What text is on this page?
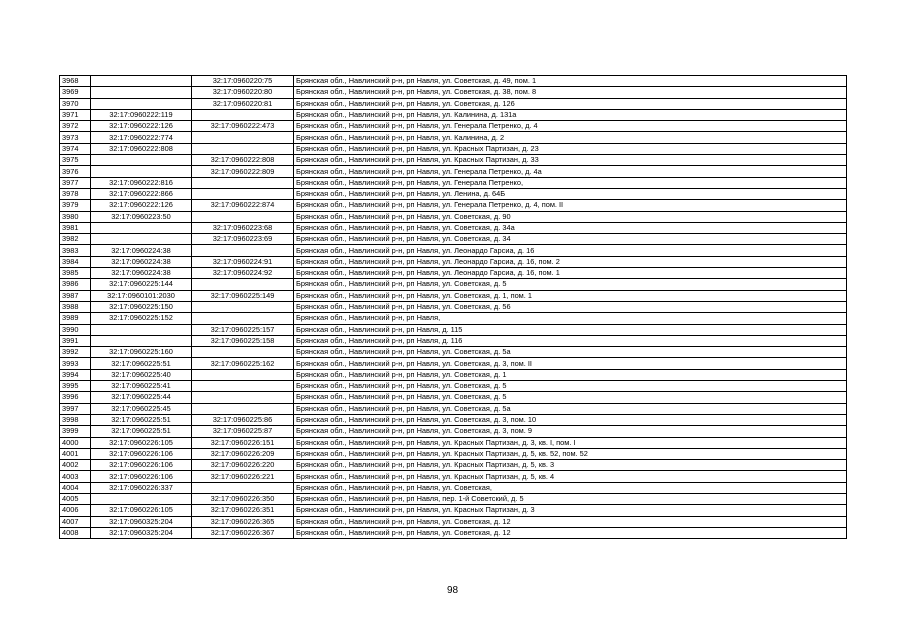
3968		32:17:0960220:75	Брянская обл., Навлинский р-н, рп Навля, ул. Советская, д. 49, пом. 1
3969		32:17:0960220:80	Брянская обл., Навлинский р-н, рп Навля, ул. Советская, д. 38, пом. 8
3970		32:17:0960220:81	Брянская обл., Навлинский р-н, рп Навля, ул. Советская, д. 126
3971	32:17:0960222:119		Брянская обл., Навлинский р-н, рп Навля, ул. Калинина, д. 131а
3972	32:17:0960222:126	32:17:0960222:473	Брянская обл., Навлинский р-н, рп Навля, ул. Генерала Петренко, д. 4
3973	32:17:0960222:774		Брянская обл., Навлинский р-н, рп Навля, ул. Калинина, д. 2
3974	32:17:0960222:808		Брянская обл., Навлинский р-н, рп Навля, ул. Красных Партизан, д. 23
3975		32:17:0960222:808	Брянская обл., Навлинский р-н, рп Навля, ул. Красных Партизан, д. 33
3976		32:17:0960222:809	Брянская обл., Навлинский р-н, рп Навля, ул. Генерала Петренко, д. 4а
3977	32:17:0960222:816		Брянская обл., Навлинский р-н, рп Навля, ул. Генерала Петренко,
3978	32:17:0960222:866		Брянская обл., Навлинский р-н, рп Навля, ул. Ленина, д. 64Б
3979	32:17:0960222:126	32:17:0960222:874	Брянская обл., Навлинский р-н, рп Навля, ул. Генерала Петренко, д. 4, пом. II
3980	32:17:0960223:50		Брянская обл., Навлинский р-н, рп Навля, ул. Советская, д. 90
3981		32:17:0960223:68	Брянская обл., Навлинский р-н, рп Навля, ул. Советская, д. 34а
3982		32:17:0960223:69	Брянская обл., Навлинский р-н, рп Навля, ул. Советская, д. 34
3983	32:17:0960224:38		Брянская обл., Навлинский р-н, рп Навля, ул. Леонардо Гарсиа, д. 16
3984	32:17:0960224:38	32:17:0960224:91	Брянская обл., Навлинский р-н, рп Навля, ул. Леонардо Гарсиа, д. 16, пом. 2
3985	32:17:0960224:38	32:17:0960224:92	Брянская обл., Навлинский р-н, рп Навля, ул. Леонардо Гарсиа, д. 16, пом. 1
3986	32:17:0960225:144		Брянская обл., Навлинский р-н, рп Навля, ул. Советская, д. 5
3987	32:17:0960101:2030	32:17:0960225:149	Брянская обл., Навлинский р-н, рп Навля, ул. Советская, д. 1, пом. 1
3988	32:17:0960225:150		Брянская обл., Навлинский р-н, рп Навля, ул. Советская, д. 56
3989	32:17:0960225:152		Брянская обл., Навлинский р-н, рп Навля,
3990		32:17:0960225:157	Брянская обл., Навлинский р-н, рп Навля, д. 115
3991		32:17:0960225:158	Брянская обл., Навлинский р-н, рп Навля, д. 116
3992	32:17:0960225:160		Брянская обл., Навлинский р-н, рп Навля, ул. Советская, д. 5а
3993	32:17:0960225:51	32:17:0960225:162	Брянская обл., Навлинский р-н, рп Навля, ул. Советская, д. 3, пом. II
3994	32:17:0960225:40		Брянская обл., Навлинский р-н, рп Навля, ул. Советская, д. 1
3995	32:17:0960225:41		Брянская обл., Навлинский р-н, рп Навля, ул. Советская, д. 5
3996	32:17:0960225:44		Брянская обл., Навлинский р-н, рп Навля, ул. Советская, д. 5
3997	32:17:0960225:45		Брянская обл., Навлинский р-н, рп Навля, ул. Советская, д. 5а
3998	32:17:0960225:51	32:17:0960225:86	Брянская обл., Навлинский р-н, рп Навля, ул. Советская, д. 3, пом. 10
3999	32:17:0960225:51	32:17:0960225:87	Брянская обл., Навлинский р-н, рп Навля, ул. Советская, д. 3, пом. 9
4000	32:17:0960226:105	32:17:0960226:151	Брянская обл., Навлинский р-н, рп Навля, ул. Красных Партизан, д. 3, кв. I, пом. I
4001	32:17:0960226:106	32:17:0960226:209	Брянская обл., Навлинский р-н, рп Навля, ул. Красных Партизан, д. 5, кв. 52, пом. 52
4002	32:17:0960226:106	32:17:0960226:220	Брянская обл., Навлинский р-н, рп Навля, ул. Красных Партизан, д. 5, кв. 3
4003	32:17:0960226:106	32:17:0960226:221	Брянская обл., Навлинский р-н, рп Навля, ул. Красных Партизан, д. 5, кв. 4
4004	32:17:0960226:337		Брянская обл., Навлинский р-н, рп Навля, ул. Советская,
4005		32:17:0960226:350	Брянская обл., Навлинский р-н, рп Навля, пер. 1-й Советский, д. 5
4006	32:17:0960226:105	32:17:0960226:351	Брянская обл., Навлинский р-н, рп Навля, ул. Красных Партизан, д. 3
4007	32:17:0960325:204	32:17:0960226:365	Брянская обл., Навлинский р-н, рп Навля, ул. Советская, д. 12
4008	32:17:0960325:204	32:17:0960226:367	Брянская обл., Навлинский р-н, рп Навля, ул. Советская, д. 12
98
